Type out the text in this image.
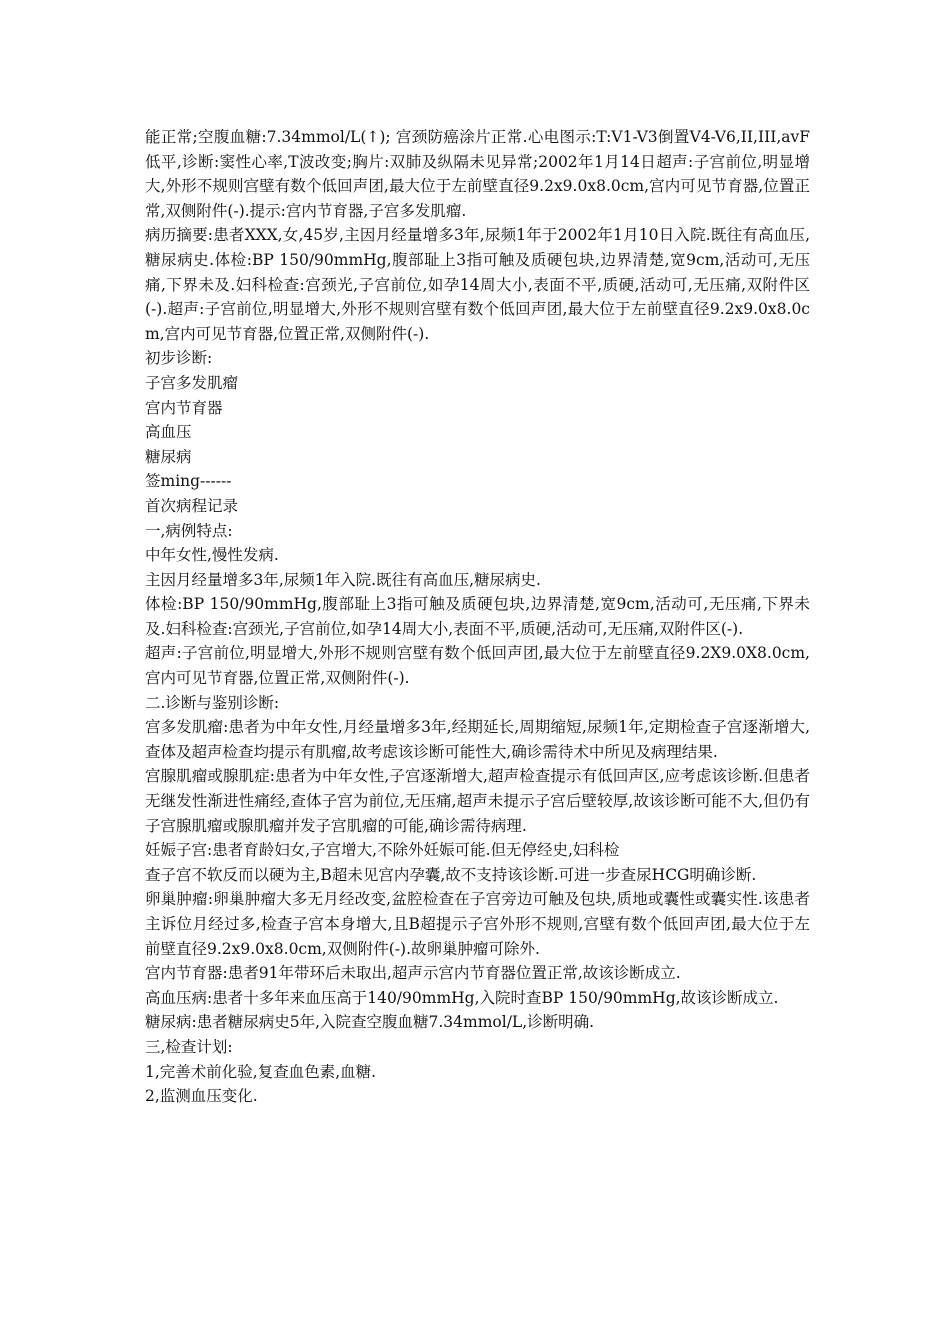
能正常;空腹血糖:7.34mmol/L(↑); 宫颈防癌涂片正常.心电图示:T:V1-V3倒置V4-V6,II,III,avF低平,诊断:窦性心率,T波改变;胸片:双肺及纵隔未见异常;2002年1月14日超声:子宫前位,明显增大,外形不规则宫壁有数个低回声团,最大位于左前壁直径9.2x9.0x8.0cm,宫内可见节育器,位置正常,双侧附件(-).提示:宫内节育器,子宫多发肌瘤.

病历摘要:患者XXX,女,45岁,主因月经量增多3年,尿频1年于2002年1月10日入院.既往有高血压,糖尿病史.体检:BP 150/90mmHg,腹部耻上3指可触及质硬包块,边界清楚,宽9cm,活动可,无压痛,下界未及.妇科检查:宫颈光,子宫前位,如孕14周大小,表面不平,质硬,活动可,无压痛,双附件区(-).超声:子宫前位,明显增大,外形不规则宫壁有数个低回声团,最大位于左前壁直径9.2x9.0x8.0cm,宫内可见节育器,位置正常,双侧附件(-).

初步诊断:

子宫多发肌瘤

宫内节育器

高血压

糖尿病

签ming------

首次病程记录

一,病例特点:

中年女性,慢性发病.

主因月经量增多3年,尿频1年入院.既往有高血压,糖尿病史.

体检:BP 150/90mmHg,腹部耻上3指可触及质硬包块,边界清楚,宽9cm,活动可,无压痛,下界未及.妇科检查:宫颈光,子宫前位,如孕14周大小,表面不平,质硬,活动可,无压痛,双附件区(-).

超声:子宫前位,明显增大,外形不规则宫壁有数个低回声团,最大位于左前壁直径9.2X9.0X8.0cm,宫内可见节育器,位置正常,双侧附件(-).

二.诊断与鉴别诊断:

宫多发肌瘤:患者为中年女性,月经量增多3年,经期延长,周期缩短,尿频1年,定期检查子宫逐渐增大,查体及超声检查均提示有肌瘤,故考虑该诊断可能性大,确诊需待术中所见及病理结果.

宫腺肌瘤或腺肌症:患者为中年女性,子宫逐渐增大,超声检查提示有低回声区,应考虑该诊断.但患者无继发性渐进性痛经,查体子宫为前位,无压痛,超声未提示子宫后壁较厚,故该诊断可能不大,但仍有子宫腺肌瘤或腺肌瘤并发子宫肌瘤的可能,确诊需待病理.

妊娠子宫:患者育龄妇女,子宫增大,不除外妊娠可能.但无停经史,妇科检

查子宫不软反而以硬为主,B超未见宫内孕囊,故不支持该诊断.可进一步查尿HCG明确诊断.

卵巢肿瘤:卵巢肿瘤大多无月经改变,盆腔检查在子宫旁边可触及包块,质地或囊性或囊实性.该患者主诉位月经过多,检查子宫本身增大,且B超提示子宫外形不规则,宫壁有数个低回声团,最大位于左前壁直径9.2x9.0x8.0cm,双侧附件(-).故卵巢肿瘤可除外.

宫内节育器:患者91年带环后未取出,超声示宫内节育器位置正常,故该诊断成立.

高血压病:患者十多年来血压高于140/90mmHg,入院时查BP 150/90mmHg,故该诊断成立.

糖尿病:患者糖尿病史5年,入院查空腹血糖7.34mmol/L,诊断明确.

三,检查计划:

1,完善术前化验,复查血色素,血糖.

2,监测血压变化.
